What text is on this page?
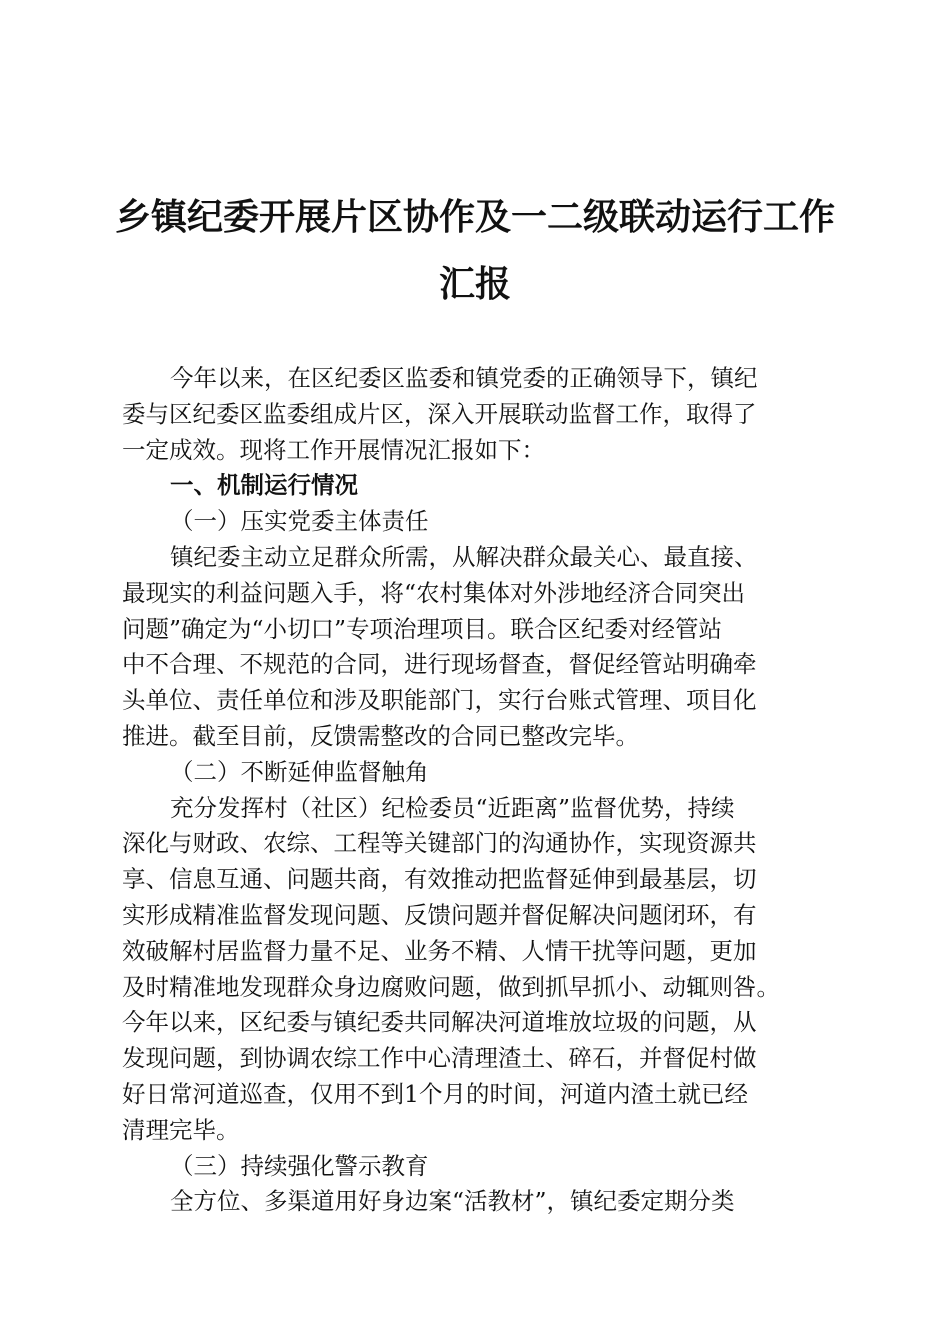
乡镇纪委开展片区协作及一二级联动运行工作
汇报
今年以来，在区纪委区监委和镇党委的正确领导下，镇纪
委与区纪委区监委组成片区，深入开展联动监督工作，取得了
一定成效。现将工作开展情况汇报如下：
一、机制运行情况
（一）压实党委主体责任
镇纪委主动立足群众所需，从解决群众最关心、最直接、
最现实的利益问题入手，将“农村集体对外涉地经济合同突出
问题”确定为“小切口”专项治理项目。联合区纪委对经管站
中不合理、不规范的合同，进行现场督查，督促经管站明确牵
头单位、责任单位和涉及职能部门，实行台账式管理、项目化
推进。截至目前，反馈需整改的合同已整改完毕。
（二）不断延伸监督触角
充分发挥村（社区）纪检委员“近距离”监督优势，持续
深化与财政、农综、工程等关键部门的沟通协作，实现资源共
享、信息互通、问题共商，有效推动把监督延伸到最基层，切
实形成精准监督发现问题、反馈问题并督促解决问题闭环，有
效破解村居监督力量不足、业务不精、人情干扰等问题，更加
及时精准地发现群众身边腐败问题，做到抓早抓小、动辄则咎。
今年以来，区纪委与镇纪委共同解决河道堆放垃圾的问题，从
发现问题，到协调农综工作中心清理渣土、碎石，并督促村做
好日常河道巡查，仅用不到1个月的时间，河道内渣土就已经
清理完毕。
（三）持续强化警示教育
全方位、多渠道用好身边案“活教材”，镇纪委定期分类
